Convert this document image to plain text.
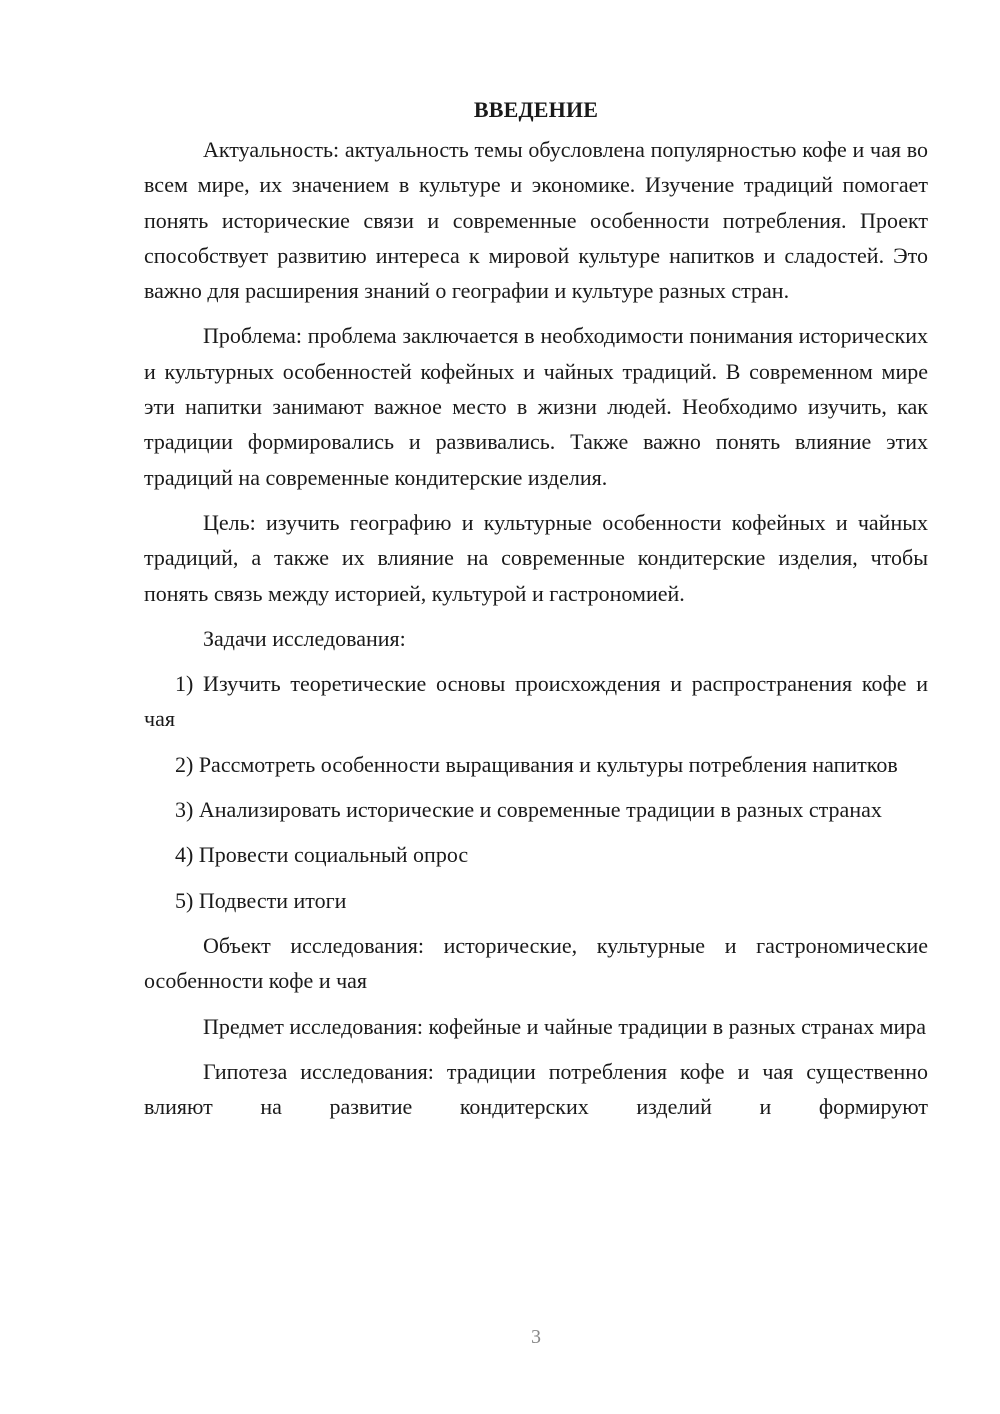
ВВЕДЕНИЕ

Актуальность: актуальность темы обусловлена популярностью кофе и чая во всем мире, их значением в культуре и экономике. Изучение традиций помогает понять исторические связи и современные особенности потребления. Проект способствует развитию интереса к мировой культуре напитков и сладостей. Это важно для расширения знаний о географии и культуре разных стран.

Проблема: проблема заключается в необходимости понимания исторических и культурных особенностей кофейных и чайных традиций. В современном мире эти напитки занимают важное место в жизни людей. Необходимо изучить, как традиции формировались и развивались. Также важно понять влияние этих традиций на современные кондитерские изделия.

Цель: изучить географию и культурные особенности кофейных и чайных традиций, а также их влияние на современные кондитерские изделия, чтобы понять связь между историей, культурой и гастрономией.

Задачи исследования:

1) Изучить теоретические основы происхождения и распространения кофе и чая

2) Рассмотреть особенности выращивания и культуры потребления напитков

3) Анализировать исторические и современные традиции в разных странах

4) Провести социальный опрос

5) Подвести итоги

Объект исследования: исторические, культурные и гастрономические особенности кофе и чая

Предмет исследования: кофейные и чайные традиции в разных странах мира

Гипотеза исследования: традиции потребления кофе и чая существенно влияют на развитие кондитерских изделий и формируют

3
